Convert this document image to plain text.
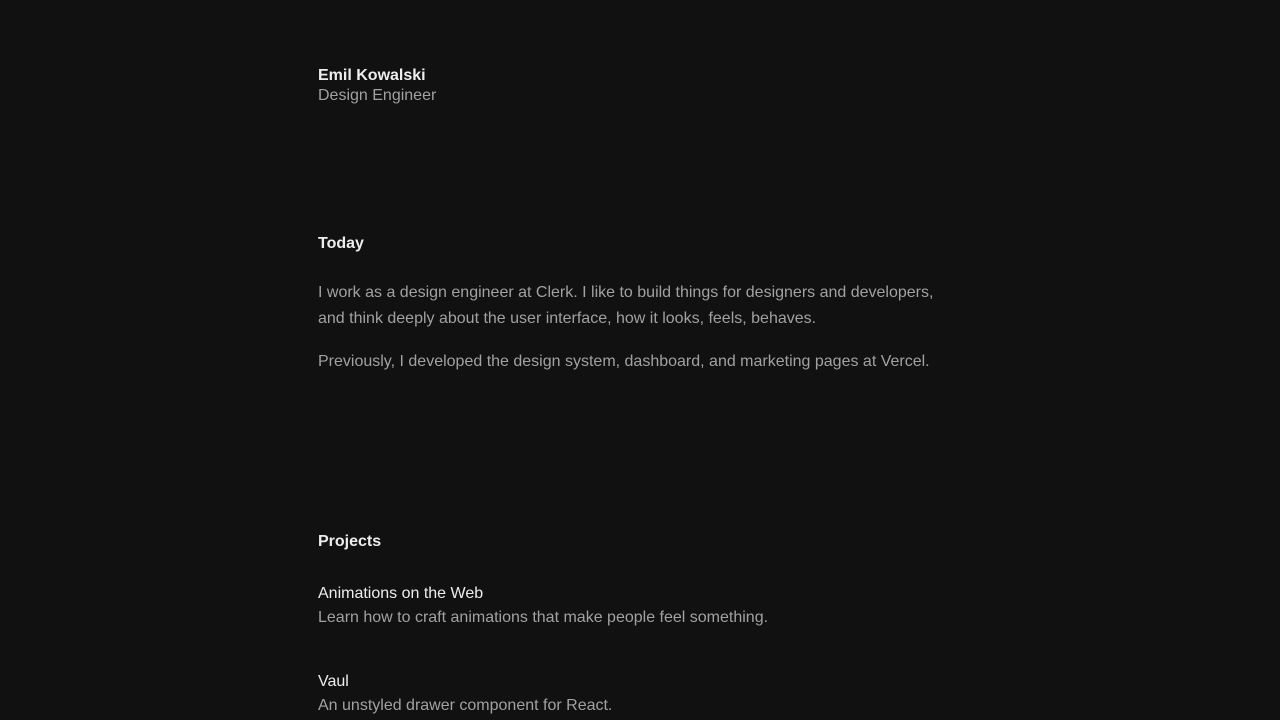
Emil Kowalski
Design Engineer
Today

I work as a design engineer at Clerk. I like to build things for designers and developers, and think deeply about the user interface, how it looks, feels, behaves.

Previously, I developed the design system, dashboard, and marketing pages at Vercel.

Projects
Animations on the Web
Learn how to craft animations that make people feel something.
Vaul
An unstyled drawer component for React.
